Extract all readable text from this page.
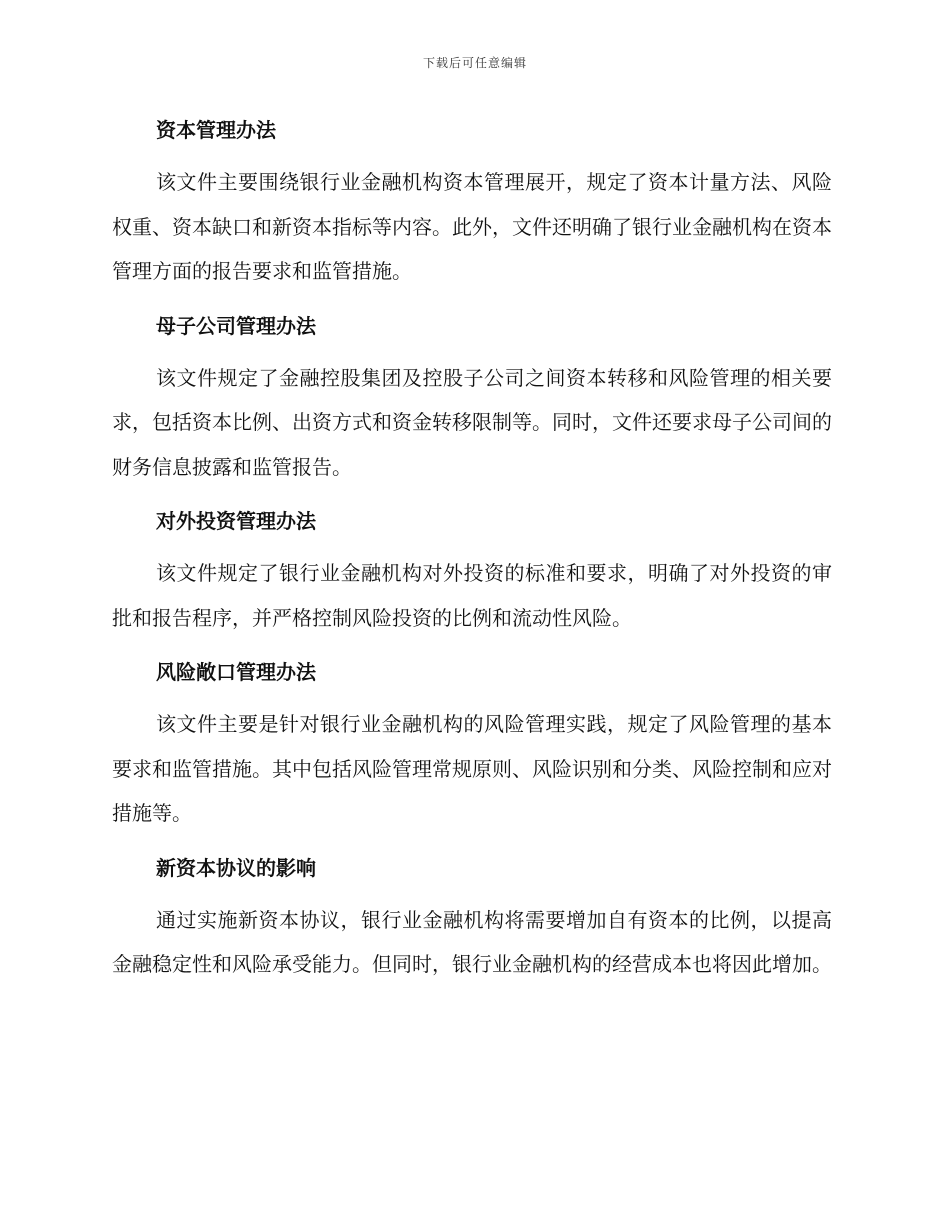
下载后可任意编辑
资本管理办法

该文件主要围绕银行业金融机构资本管理展开，规定了资本计量方法、风险权重、资本缺口和新资本指标等内容。此外，文件还明确了银行业金融机构在资本管理方面的报告要求和监管措施。

母子公司管理办法

该文件规定了金融控股集团及控股子公司之间资本转移和风险管理的相关要求，包括资本比例、出资方式和资金转移限制等。同时，文件还要求母子公司间的财务信息披露和监管报告。

对外投资管理办法

该文件规定了银行业金融机构对外投资的标准和要求，明确了对外投资的审批和报告程序，并严格控制风险投资的比例和流动性风险。

风险敞口管理办法

该文件主要是针对银行业金融机构的风险管理实践，规定了风险管理的基本要求和监管措施。其中包括风险管理常规原则、风险识别和分类、风险控制和应对措施等。

新资本协议的影响

通过实施新资本协议，银行业金融机构将需要增加自有资本的比例，以提高金融稳定性和风险承受能力。但同时，银行业金融机构的经营成本也将因此增加。
